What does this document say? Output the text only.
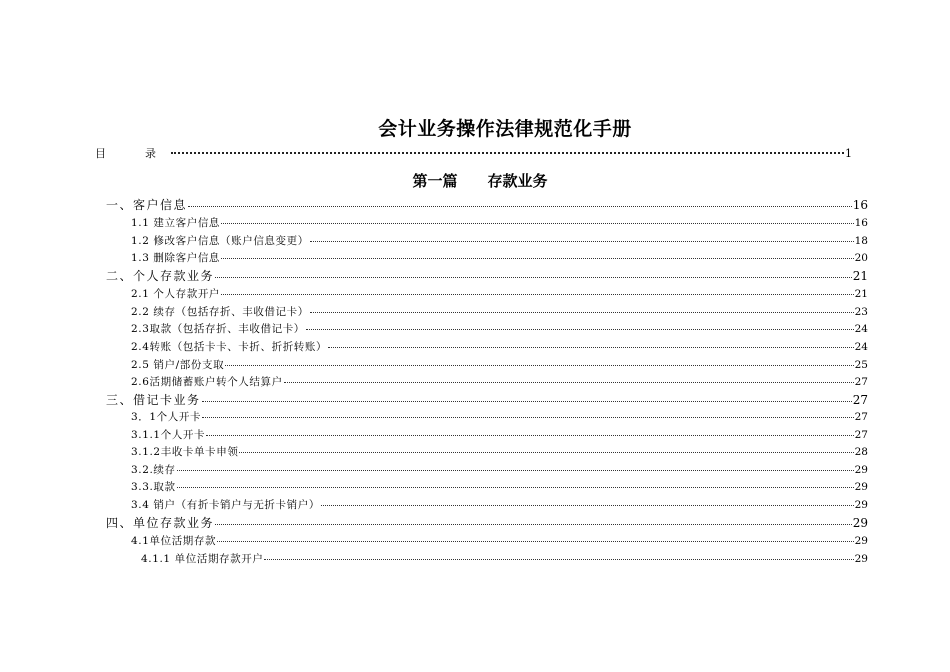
会计业务操作法律规范化手册
目　录	1
第一篇 存款业务
一、客户信息	16
1.1 建立客户信息	16
1.2 修改客户信息（账户信息变更）	18
1.3 删除客户信息	20
二、个人存款业务	21
2.1 个人存款开户	21
2.2 续存（包括存折、丰收借记卡）	23
2.3取款（包括存折、丰收借记卡）	24
2.4转账（包括卡卡、卡折、折折转账）	24
2.5 销户/部份支取	25
2.6活期储蓄账户转个人结算户	27
三、借记卡业务	27
3．1个人开卡	27
3.1.1个人开卡	27
3.1.2丰收卡单卡申领	28
3.2.续存	29
3.3.取款	29
3.4 销户（有折卡销户与无折卡销户）	29
四、单位存款业务	29
4.1单位活期存款	29
4.1.1 单位活期存款开户	29
